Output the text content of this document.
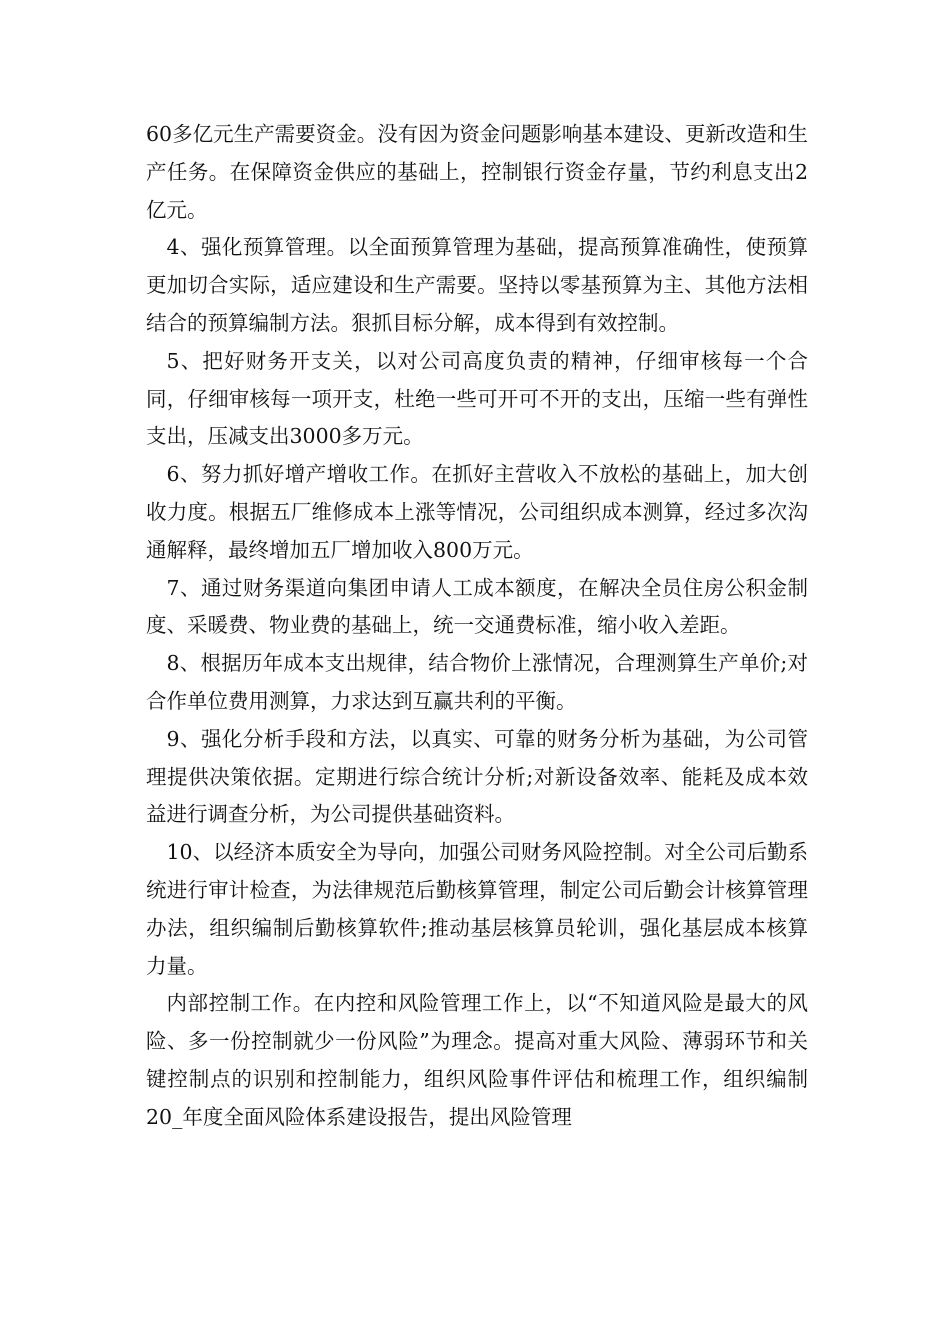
60多亿元生产需要资金。没有因为资金问题影响基本建设、更新改造和生产任务。在保障资金供应的基础上，控制银行资金存量，节约利息支出2亿元。

4、强化预算管理。以全面预算管理为基础，提高预算准确性，使预算更加切合实际，适应建设和生产需要。坚持以零基预算为主、其他方法相结合的预算编制方法。狠抓目标分解，成本得到有效控制。

5、把好财务开支关，以对公司高度负责的精神，仔细审核每一个合同，仔细审核每一项开支，杜绝一些可开可不开的支出，压缩一些有弹性支出，压减支出3000多万元。

6、努力抓好增产增收工作。在抓好主营收入不放松的基础上，加大创收力度。根据五厂维修成本上涨等情况，公司组织成本测算，经过多次沟通解释，最终增加五厂增加收入800万元。

7、通过财务渠道向集团申请人工成本额度，在解决全员住房公积金制度、采暖费、物业费的基础上，统一交通费标准，缩小收入差距。

8、根据历年成本支出规律，结合物价上涨情况，合理测算生产单价;对合作单位费用测算，力求达到互赢共利的平衡。

9、强化分析手段和方法，以真实、可靠的财务分析为基础，为公司管理提供决策依据。定期进行综合统计分析;对新设备效率、能耗及成本效益进行调查分析，为公司提供基础资料。

10、以经济本质安全为导向，加强公司财务风险控制。对全公司后勤系统进行审计检查，为法律规范后勤核算管理，制定公司后勤会计核算管理办法，组织编制后勤核算软件;推动基层核算员轮训，强化基层成本核算力量。

内部控制工作。在内控和风险管理工作上，以“不知道风险是最大的风险、多一份控制就少一份风险”为理念。提高对重大风险、薄弱环节和关键控制点的识别和控制能力，组织风险事件评估和梳理工作，组织编制20_年度全面风险体系建设报告，提出风险管理
